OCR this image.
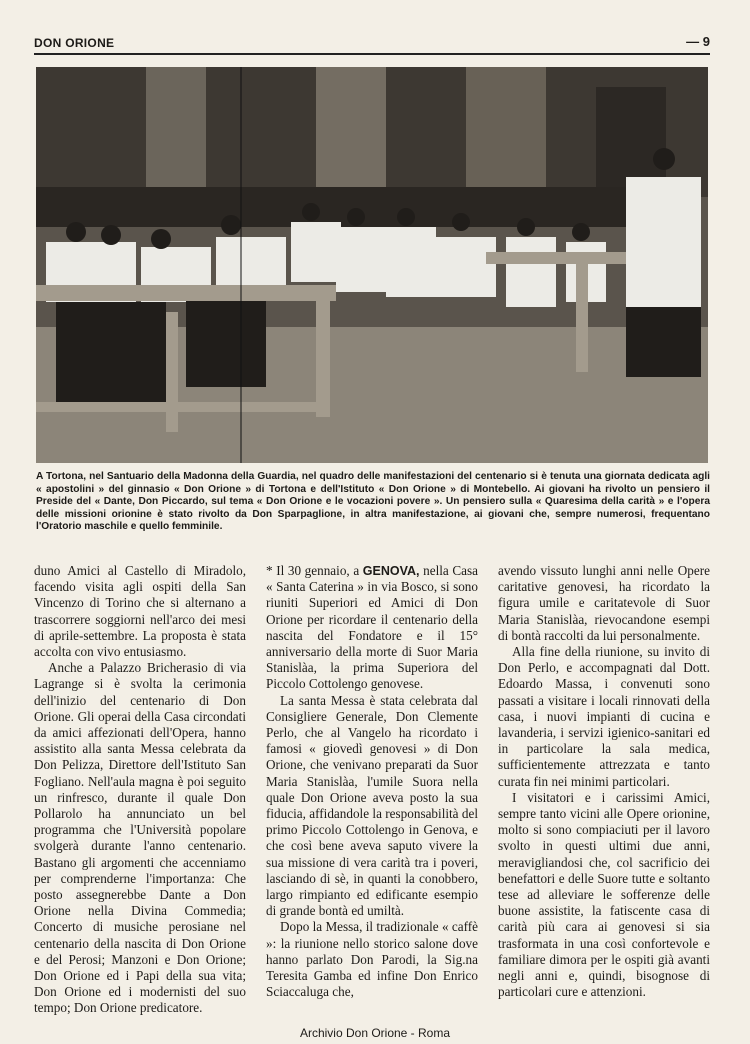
DON ORIONE	— 9
A Tortona, nel Santuario della Madonna della Guardia, nel quadro delle manifestazioni del centenario si è tenuta una giornata dedicata agli « apostolini » del ginnasio « Don Orione » di Tortona e dell'Istituto « Don Orione » di Montebello. Ai giovani ha rivolto un pensiero il Preside del « Dante, Don Piccardo, sul tema « Don Orione e le vocazioni povere ». Un pensiero sulla « Quaresima della carità » e l'opera delle missioni orionine è stato rivolto da Don Sparpaglione, in altra manifestazione, ai giovani che, sempre numerosi, frequentano l'Oratorio maschile e quello femminile.

duno Amici al Castello di Miradolo, facendo visita agli ospiti della San Vincenzo di Torino che si alternano a trascorrere soggiorni nell'arco dei mesi di aprile-settembre. La proposta è stata accolta con vivo entusiasmo.

Anche a Palazzo Bricherasio di via Lagrange si è svolta la cerimonia dell'inizio del centenario di Don Orione. Gli operai della Casa circondati da amici affezionati dell'Opera, hanno assistito alla santa Messa celebrata da Don Pelizza, Direttore dell'Istituto San Fogliano. Nell'aula magna è poi seguito un rinfresco, durante il quale Don Pollarolo ha annunciato un bel programma che l'Università popolare svolgerà durante l'anno centenario. Bastano gli argomenti che accenniamo per comprenderne l'importanza: Che posto assegnerebbe Dante a Don Orione nella Divina Commedia; Concerto di musiche perosiane nel centenario della nascita di Don Orione e del Perosi; Manzoni e Don Orione; Don Orione ed i Papi della sua vita; Don Orione ed i modernisti del suo tempo; Don Orione predicatore.

* Il 30 gennaio, a GENOVA, nella Casa « Santa Caterina » in via Bosco, si sono riuniti Superiori ed Amici di Don Orione per ricordare il centenario della nascita del Fondatore e il 15° anniversario della morte di Suor Maria Stanislàa, la prima Superiora del Piccolo Cottolengo genovese.

La santa Messa è stata celebrata dal Consigliere Generale, Don Clemente Perlo, che al Vangelo ha ricordato i famosi « giovedì genovesi » di Don Orione, che venivano preparati da Suor Maria Stanislàa, l'umile Suora nella quale Don Orione aveva posto la sua fiducia, affidandole la responsabilità del primo Piccolo Cottolengo in Genova, e che così bene aveva saputo vivere la sua missione di vera carità tra i poveri, lasciando di sè, in quanti la conobbero, largo rimpianto ed edificante esempio di grande bontà ed umiltà.

Dopo la Messa, il tradizionale « caffè »: la riunione nello storico salone dove hanno parlato Don Parodi, la Sig.na Teresita Gamba ed infine Don Enrico Sciaccaluga che,

avendo vissuto lunghi anni nelle Opere caritative genovesi, ha ricordato la figura umile e caritatevole di Suor Maria Stanislàa, rievocandone esempi di bontà raccolti da lui personalmente.

Alla fine della riunione, su invito di Don Perlo, e accompagnati dal Dott. Edoardo Massa, i convenuti sono passati a visitare i locali rinnovati della casa, i nuovi impianti di cucina e lavanderia, i servizi igienico-sanitari ed in particolare la sala medica, sufficientemente attrezzata e tanto curata fin nei minimi particolari.

I visitatori e i carissimi Amici, sempre tanto vicini alle Opere orionine, molto si sono compiaciuti per il lavoro svolto in questi ultimi due anni, meravigliandosi che, col sacrificio dei benefattori e delle Suore tutte e soltanto tese ad alleviare le sofferenze delle buone assistite, la fatiscente casa di carità più cara ai genovesi si sia trasformata in una così confortevole e familiare dimora per le ospiti già avanti negli anni e, quindi, bisognose di particolari cure e attenzioni.

Archivio Don Orione - Roma
